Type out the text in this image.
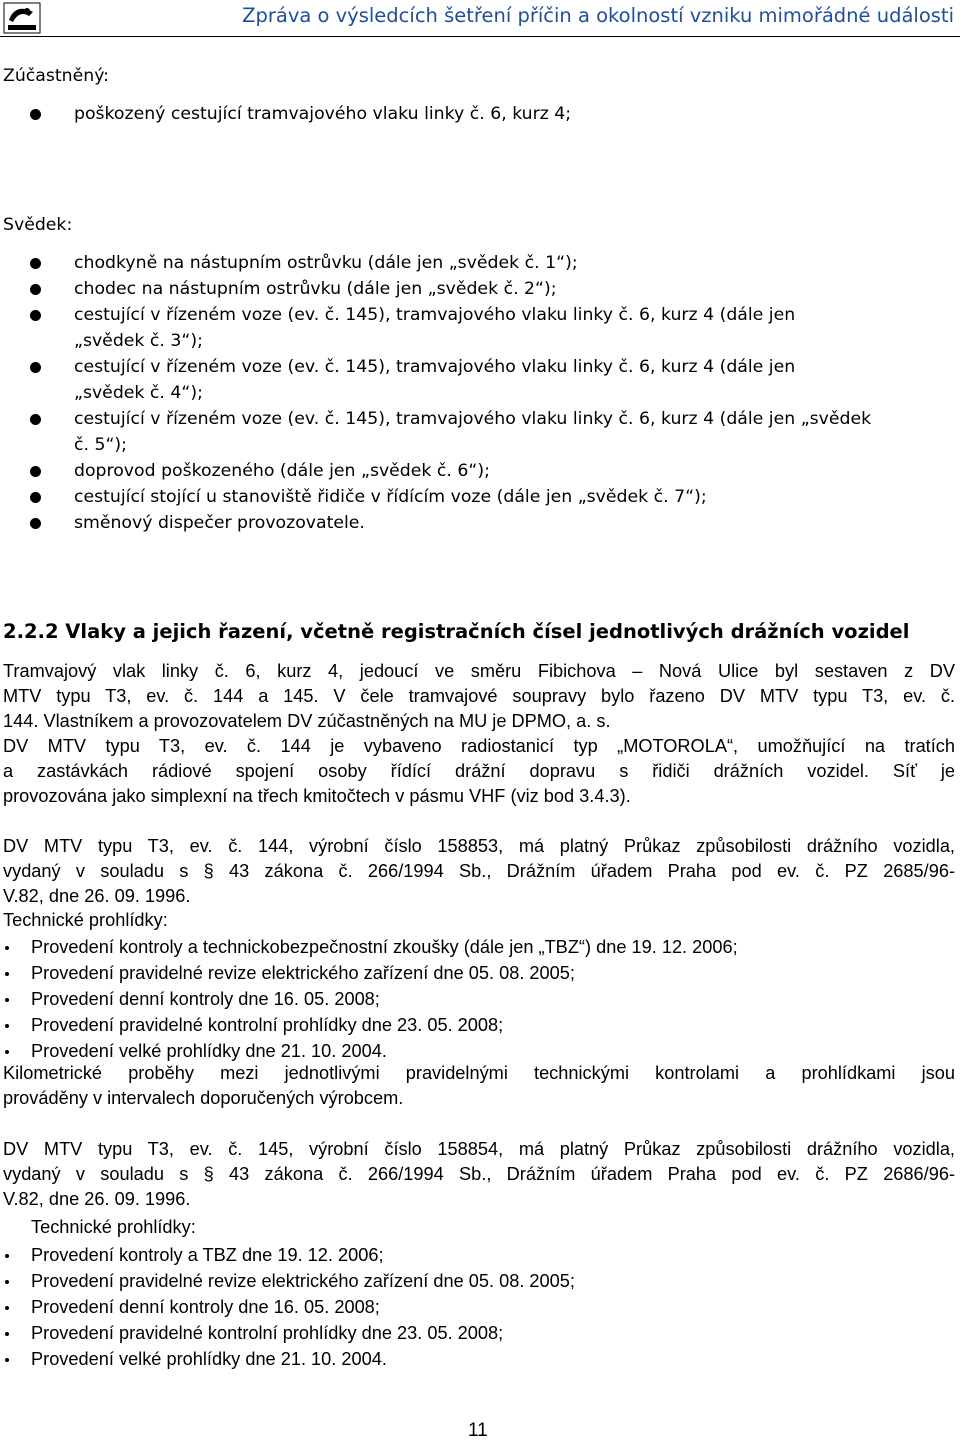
Zpráva o výsledcích šetření příčin a okolností vzniku mimořádné události

Zúčastněný:

poškozený cestující tramvajového vlaku linky č. 6, kurz 4;

Svědek:

chodkyně na nástupním ostrůvku (dále jen „svědek č. 1“);
chodec na nástupním ostrůvku (dále jen „svědek č. 2“);
cestující v řízeném voze (ev. č. 145), tramvajového vlaku linky č. 6, kurz 4 (dále jen
„svědek č. 3“);
cestující v řízeném voze (ev. č. 145), tramvajového vlaku linky č. 6, kurz 4 (dále jen
„svědek č. 4“);
cestující v řízeném voze (ev. č. 145), tramvajového vlaku linky č. 6, kurz 4 (dále jen „svědek
č. 5“);
doprovod poškozeného (dále jen „svědek č. 6“);
cestující stojící u stanoviště řidiče v řídícím voze (dále jen „svědek č. 7“);
směnový dispečer provozovatele.
2.2.2 Vlaky a jejich řazení, včetně registračních čísel jednotlivých drážních vozidel

Tramvajový vlak linky č. 6, kurz 4, jedoucí ve směru Fibichova – Nová Ulice byl sestaven z DV
MTV typu T3, ev. č. 144 a 145. V čele tramvajové soupravy bylo řazeno DV MTV typu T3, ev. č.
144. Vlastníkem a provozovatelem DV zúčastněných na MU je DPMO, a. s.

DV MTV typu T3, ev. č. 144 je vybaveno radiostanicí typ „MOTOROLA“, umožňující na tratích
a zastávkách rádiové spojení osoby řídící drážní dopravu s řidiči drážních vozidel. Síť je
provozována jako simplexní na třech kmitočtech v pásmu VHF (viz bod 3.4.3).

DV MTV typu T3, ev. č. 144, výrobní číslo 158853, má platný Průkaz způsobilosti drážního vozidla,
vydaný v souladu s § 43 zákona č. 266/1994 Sb., Drážním úřadem Praha pod ev. č. PZ 2685/96-
V.82, dne 26. 09. 1996.

Technické prohlídky:

Provedení kontroly a technickobezpečnostní zkoušky (dále jen „TBZ“) dne 19. 12. 2006;
Provedení pravidelné revize elektrického zařízení dne 05. 08. 2005;
Provedení denní kontroly dne 16. 05. 2008;
Provedení pravidelné kontrolní prohlídky dne 23. 05. 2008;
Provedení velké prohlídky dne 21. 10. 2004.

Kilometrické proběhy mezi jednotlivými pravidelnými technickými kontrolami a prohlídkami jsou
prováděny v intervalech doporučených výrobcem.

DV MTV typu T3, ev. č. 145, výrobní číslo 158854, má platný Průkaz způsobilosti drážního vozidla,
vydaný v souladu s § 43 zákona č. 266/1994 Sb., Drážním úřadem Praha pod ev. č. PZ 2686/96-
V.82, dne 26. 09. 1996.

Technické prohlídky:

Provedení kontroly a TBZ dne 19. 12. 2006;
Provedení pravidelné revize elektrického zařízení dne 05. 08. 2005;
Provedení denní kontroly dne 16. 05. 2008;
Provedení pravidelné kontrolní prohlídky dne 23. 05. 2008;
Provedení velké prohlídky dne 21. 10. 2004.
11
